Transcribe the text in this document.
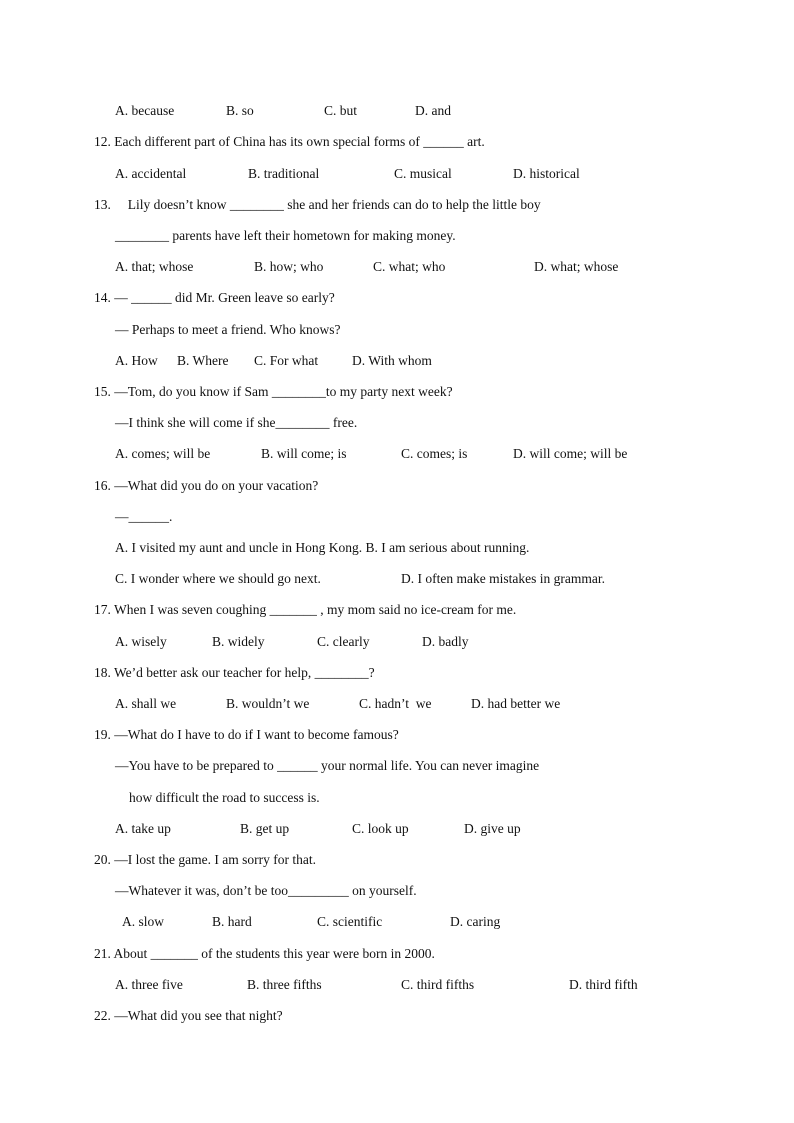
A. because	B. so	C. but	D. and
12. Each different part of China has its own special forms of ______ art.
A. accidental	B. traditional	C. musical	D. historical
13.     Lily doesn’t know ________ she and her friends can do to help the little boy
________ parents have left their hometown for making money.
A. that; whose	B. how; who	C. what; who	D. what; whose
14. — ______ did Mr. Green leave so early?
— Perhaps to meet a friend. Who knows?
A. How B. Where C. For what	D. With whom
15. —Tom, do you know if Sam ________to my party next week?
—I think she will come if she________ free.
A. comes; will be	B. will come; is	C. comes; is	D. will come; will be
16. —What did you do on your vacation?
—______.
A. I visited my aunt and uncle in Hong Kong. B. I am serious about running.
C. I wonder where we should go next.	D. I often make mistakes in grammar.
17. When I was seven coughing _______ , my mom said no ice-cream for me.
A. wisely	B. widely	C. clearly	D. badly
18. We’d better ask our teacher for help, ________?
A. shall we	B. wouldn’t we	C. hadn’t  we	D. had better we
19. —What do I have to do if I want to become famous?
—You have to be prepared to ______ your normal life. You can never imagine
how difficult the road to success is.
A. take up	B. get up	C. look up	D. give up
20. —I lost the game. I am sorry for that.
—Whatever it was, don’t be too_________ on yourself.
A. slow	B. hard	C. scientific	D. caring
21. About _______ of the students this year were born in 2000.
A. three five	B. three fifths	C. third fifths	D. third fifth
22. —What did you see that night?
